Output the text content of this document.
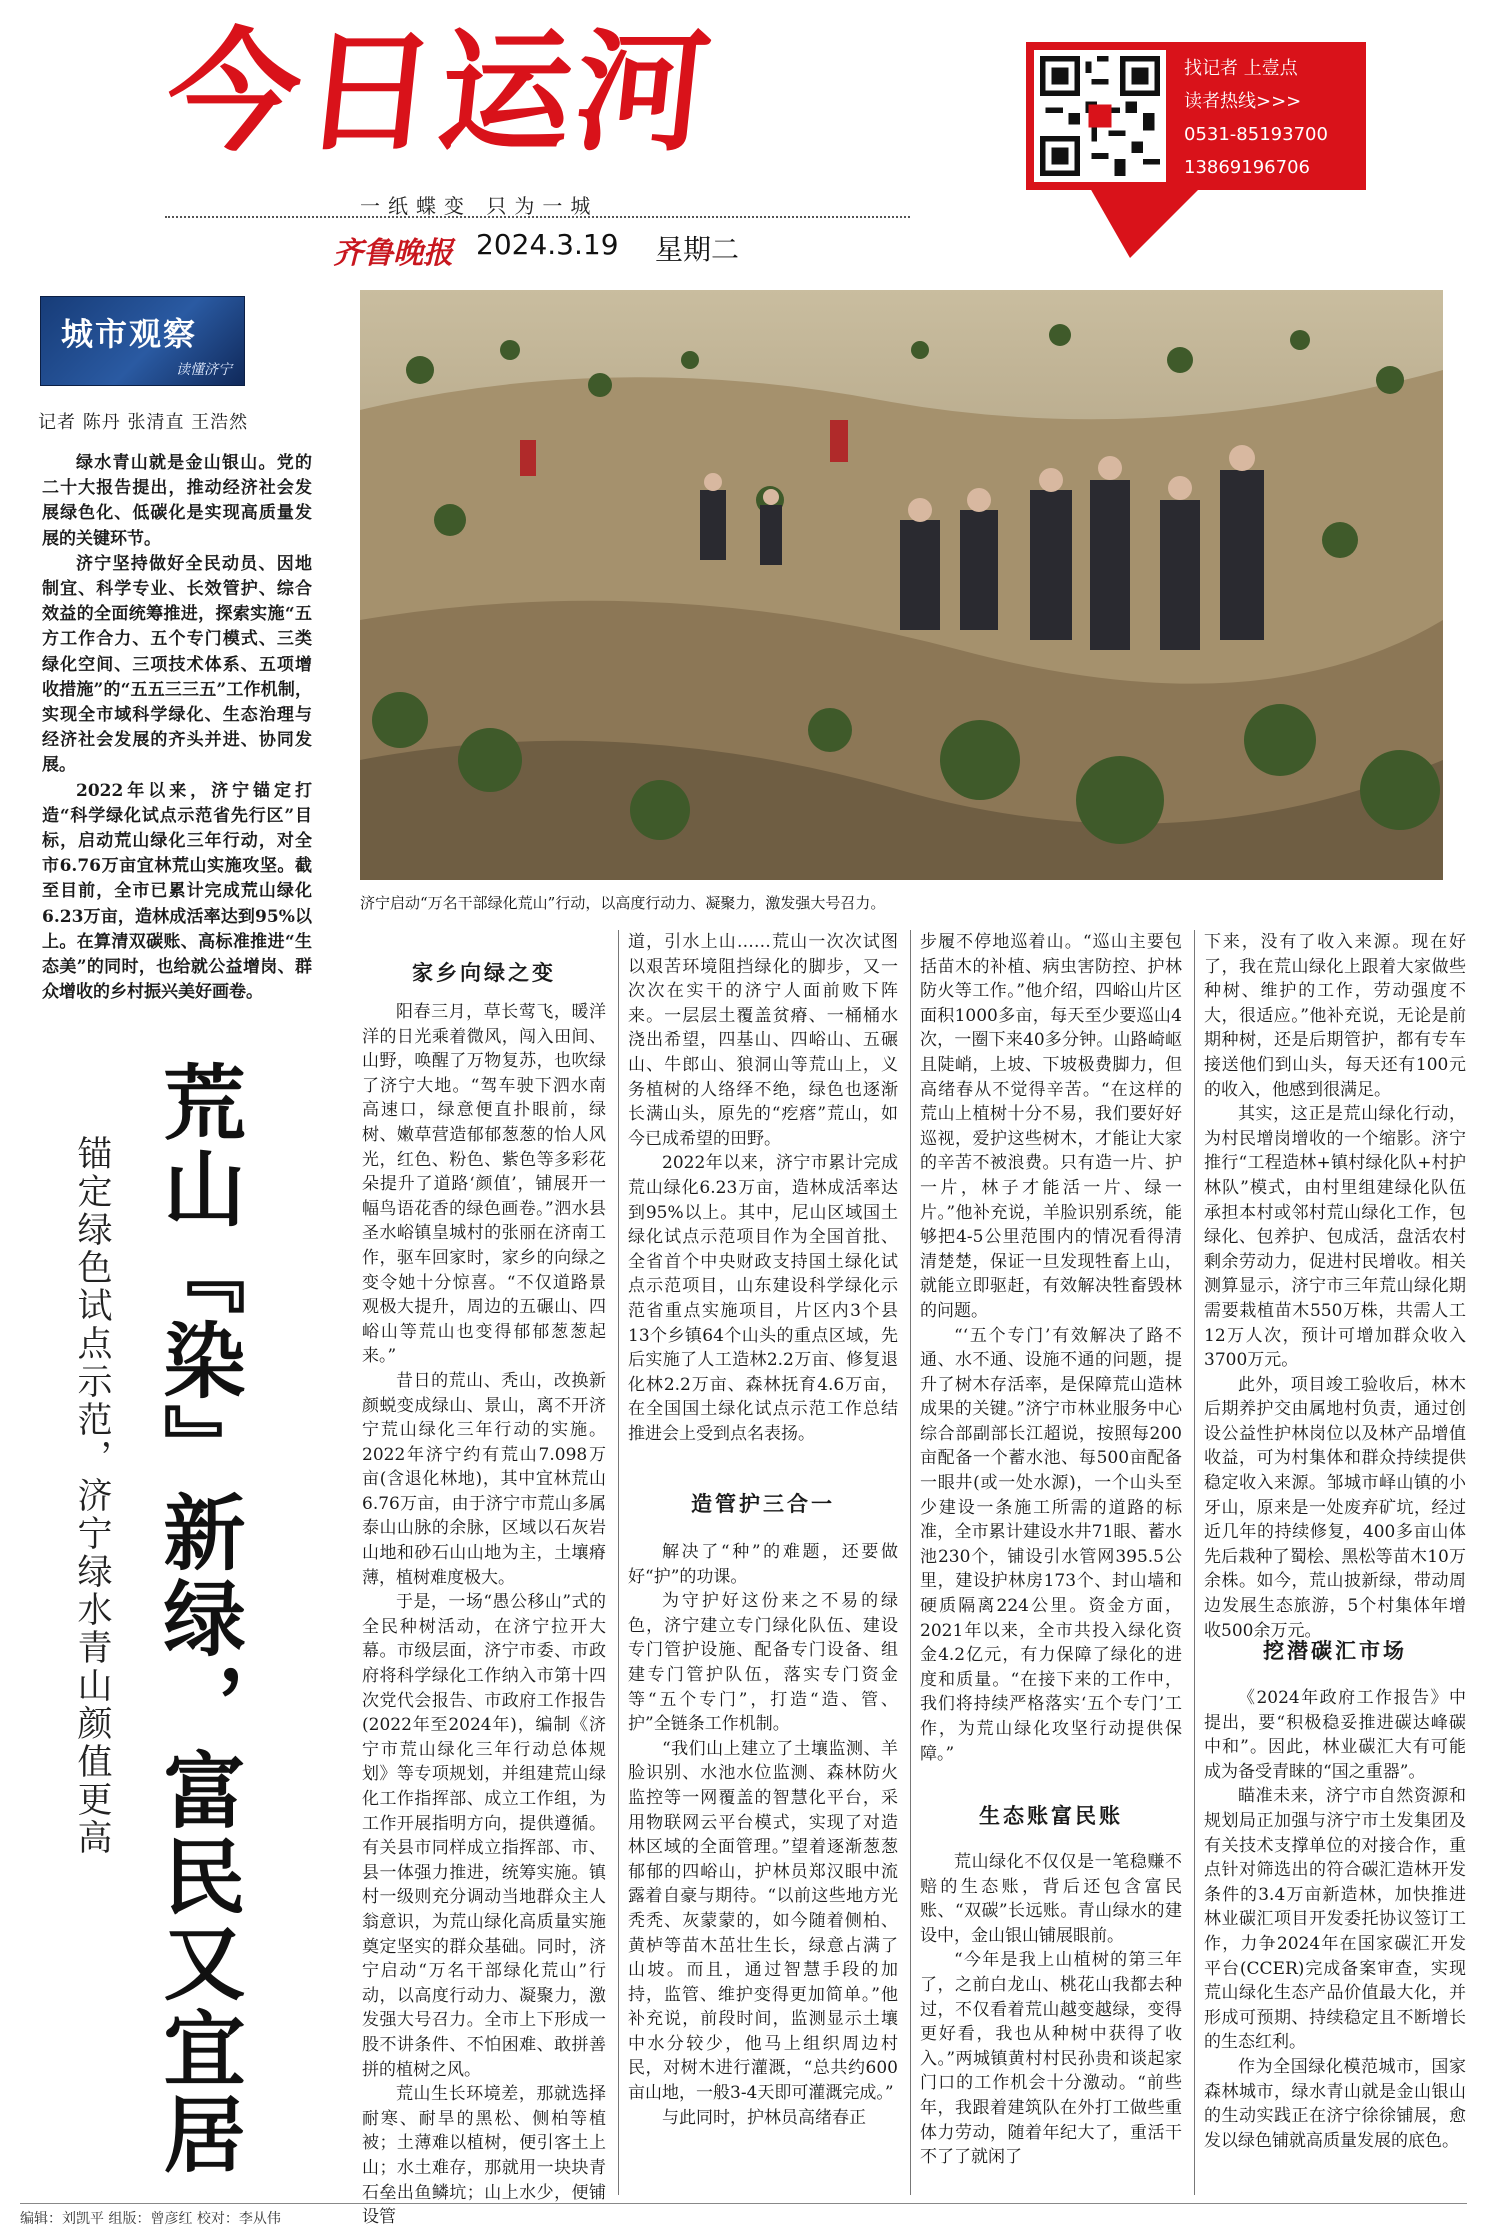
今日运河
一纸蝶变 只为一城
齐鲁晚报 2024.3.19 星期二
找记者 上壹点
读者热线>>>
0531-85193700
13869196706
城市观察
读懂济宁
记者 陈丹 张清直 王浩然

绿水青山就是金山银山。党的二十大报告提出，推动经济社会发展绿色化、低碳化是实现高质量发展的关键环节。

济宁坚持做好全民动员、因地制宜、科学专业、长效管护、综合效益的全面统筹推进，探索实施“五方工作合力、五个专门模式、三类绿化空间、三项技术体系、五项增收措施”的“五五三三五”工作机制，实现全市域科学绿化、生态治理与经济社会发展的齐头并进、协同发展。

2022年以来，济宁锚定打造“科学绿化试点示范省先行区”目标，启动荒山绿化三年行动，对全市6.76万亩宜林荒山实施攻坚。截至目前，全市已累计完成荒山绿化6.23万亩，造林成活率达到95%以上。在算清双碳账、高标准推进“生态美”的同时，也给就公益增岗、群众增收的乡村振兴美好画卷。

济宁启动“万名干部绿化荒山”行动，以高度行动力、凝聚力，激发强大号召力。
荒山『染』新绿，富民又宜居
锚定绿色试点示范，济宁绿水青山颜值更高
家乡向绿之变

阳春三月，草长莺飞，暖洋洋的日光乘着微风，闯入田间、山野，唤醒了万物复苏，也吹绿了济宁大地。“驾车驶下泗水南高速口，绿意便直扑眼前，绿树、嫩草营造郁郁葱葱的怡人风光，红色、粉色、紫色等多彩花朵提升了道路‘颜值’，铺展开一幅鸟语花香的绿色画卷。”泗水县圣水峪镇皇城村的张丽在济南工作，驱车回家时，家乡的向绿之变令她十分惊喜。“不仅道路景观极大提升，周边的五碾山、四峪山等荒山也变得郁郁葱葱起来。”

昔日的荒山、秃山，改换新颜蜕变成绿山、景山，离不开济宁荒山绿化三年行动的实施。2022年济宁约有荒山7.098万亩(含退化林地)，其中宜林荒山6.76万亩，由于济宁市荒山多属泰山山脉的余脉，区域以石灰岩山地和砂石山山地为主，土壤瘠薄，植树难度极大。

于是，一场“愚公移山”式的全民种树活动，在济宁拉开大幕。市级层面，济宁市委、市政府将科学绿化工作纳入市第十四次党代会报告、市政府工作报告(2022年至2024年)，编制《济宁市荒山绿化三年行动总体规划》等专项规划，并组建荒山绿化工作指挥部、成立工作组，为工作开展指明方向，提供遵循。有关县市同样成立指挥部、市、县一体强力推进，统筹实施。镇村一级则充分调动当地群众主人翁意识，为荒山绿化高质量实施奠定坚实的群众基础。同时，济宁启动“万名干部绿化荒山”行动，以高度行动力、凝聚力，激发强大号召力。全市上下形成一股不讲条件、不怕困难、敢拼善拼的植树之风。

荒山生长环境差，那就选择耐寒、耐旱的黑松、侧柏等植被；土薄难以植树，便引客土上山；水土难存，那就用一块块青石垒出鱼鳞坑；山上水少，便铺设管

道，引水上山……荒山一次次试图以艰苦环境阻挡绿化的脚步，又一次次在实干的济宁人面前败下阵来。一层层土覆盖贫瘠、一桶桶水浇出希望，四基山、四峪山、五碾山、牛郎山、狼洞山等荒山上，义务植树的人络绎不绝，绿色也逐渐长满山头，原先的“疙瘩”荒山，如今已成希望的田野。

2022年以来，济宁市累计完成荒山绿化6.23万亩，造林成活率达到95%以上。其中，尼山区域国土绿化试点示范项目作为全国首批、全省首个中央财政支持国土绿化试点示范项目，山东建设科学绿化示范省重点实施项目，片区内3个县13个乡镇64个山头的重点区域，先后实施了人工造林2.2万亩、修复退化林2.2万亩、森林抚育4.6万亩，在全国国土绿化试点示范工作总结推进会上受到点名表扬。

造管护三合一

解决了“种”的难题，还要做好“护”的功课。

为守护好这份来之不易的绿色，济宁建立专门绿化队伍、建设专门管护设施、配备专门设备、组建专门管护队伍，落实专门资金等“五个专门”，打造“造、管、护”全链条工作机制。

“我们山上建立了土壤监测、羊脸识别、水池水位监测、森林防火监控等一网覆盖的智慧化平台，采用物联网云平台模式，实现了对造林区域的全面管理。”望着逐渐葱葱郁郁的四峪山，护林员郑汉眼中流露着自豪与期待。“以前这些地方光秃秃、灰蒙蒙的，如今随着侧柏、黄栌等苗木茁壮生长，绿意占满了山坡。而且，通过智慧手段的加持，监管、维护变得更加简单。”他补充说，前段时间，监测显示土壤中水分较少，他马上组织周边村民，对树木进行灌溉，“总共约600亩山地，一般3-4天即可灌溉完成。”

与此同时，护林员高绪春正

步履不停地巡着山。“巡山主要包括苗木的补植、病虫害防控、护林防火等工作。”他介绍，四峪山片区面积1000多亩，每天至少要巡山4次，一圈下来40多分钟。山路崎岖且陡峭，上坡、下坡极费脚力，但高绪春从不觉得辛苦。“在这样的荒山上植树十分不易，我们要好好巡视，爱护这些树木，才能让大家的辛苦不被浪费。只有造一片、护一片，林子才能活一片、绿一片。”他补充说，羊脸识别系统，能够把4-5公里范围内的情况看得清清楚楚，保证一旦发现牲畜上山，就能立即驱赶，有效解决牲畜毁林的问题。

“‘五个专门’有效解决了路不通、水不通、设施不通的问题，提升了树木存活率，是保障荒山造林成果的关键。”济宁市林业服务中心综合部副部长江超说，按照每200亩配备一个蓄水池、每500亩配备一眼井(或一处水源)，一个山头至少建设一条施工所需的道路的标准，全市累计建设水井71眼、蓄水池230个，铺设引水管网395.5公里，建设护林房173个、封山墙和硬质隔离224公里。资金方面，2021年以来，全市共投入绿化资金4.2亿元，有力保障了绿化的进度和质量。“在接下来的工作中，我们将持续严格落实‘五个专门’工作，为荒山绿化攻坚行动提供保障。”

生态账富民账

荒山绿化不仅仅是一笔稳赚不赔的生态账，背后还包含富民账、“双碳”长远账。青山绿水的建设中，金山银山铺展眼前。

“今年是我上山植树的第三年了，之前白龙山、桃花山我都去种过，不仅看着荒山越变越绿，变得更好看，我也从种树中获得了收入。”两城镇黄村村民孙贵和谈起家门口的工作机会十分激动。“前些年，我跟着建筑队在外打工做些重体力劳动，随着年纪大了，重活干不了了就闲了

下来，没有了收入来源。现在好了，我在荒山绿化上跟着大家做些种树、维护的工作，劳动强度不大，很适应。”他补充说，无论是前期种树，还是后期管护，都有专车接送他们到山头，每天还有100元的收入，他感到很满足。

其实，这正是荒山绿化行动，为村民增岗增收的一个缩影。济宁推行“工程造林+镇村绿化队+村护林队”模式，由村里组建绿化队伍承担本村或邻村荒山绿化工作，包绿化、包养护、包成活，盘活农村剩余劳动力，促进村民增收。相关测算显示，济宁市三年荒山绿化期需要栽植苗木550万株，共需人工12万人次，预计可增加群众收入3700万元。

此外，项目竣工验收后，林木后期养护交由属地村负责，通过创设公益性护林岗位以及林产品增值收益，可为村集体和群众持续提供稳定收入来源。邹城市峄山镇的小牙山，原来是一处废弃矿坑，经过近几年的持续修复，400多亩山体先后栽种了蜀桧、黑松等苗木10万余株。如今，荒山披新绿，带动周边发展生态旅游，5个村集体年增收500余万元。

挖潜碳汇市场

《2024年政府工作报告》中提出，要“积极稳妥推进碳达峰碳中和”。因此，林业碳汇大有可能成为备受青睐的“国之重器”。

瞄准未来，济宁市自然资源和规划局正加强与济宁市土发集团及有关技术支撑单位的对接合作，重点针对筛选出的符合碳汇造林开发条件的3.4万亩新造林，加快推进林业碳汇项目开发委托协议签订工作，力争2024年在国家碳汇开发平台(CCER)完成备案审查，实现荒山绿化生态产品价值最大化，并形成可预期、持续稳定且不断增长的生态红利。

作为全国绿化模范城市，国家森林城市，绿水青山就是金山银山的生动实践正在济宁徐徐铺展，愈发以绿色铺就高质量发展的底色。

编辑：刘凯平 组版：曾彦红 校对：李从伟
